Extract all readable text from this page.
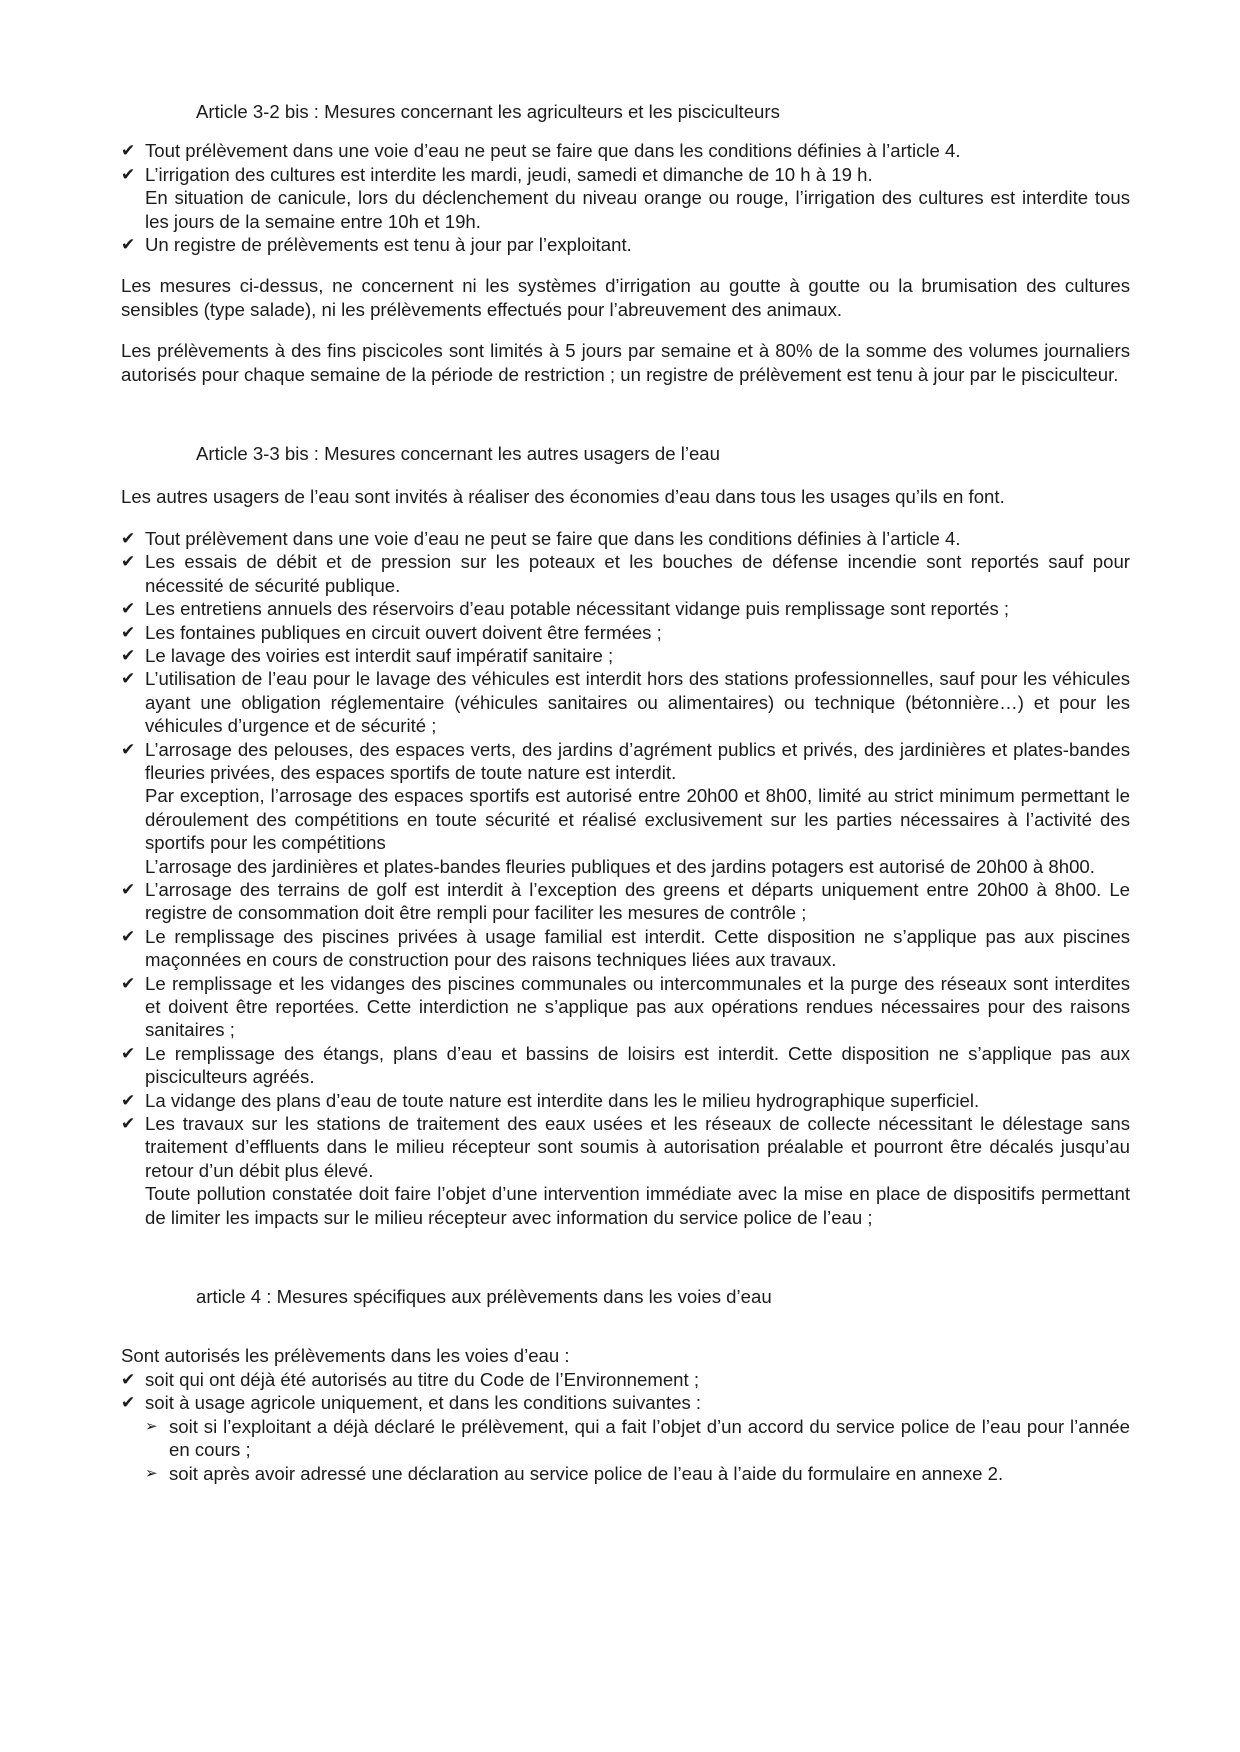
Article 3-2 bis : Mesures concernant les agriculteurs et les pisciculteurs
✔ Tout prélèvement dans une voie d’eau ne peut se faire que dans les conditions définies à l’article 4.
✔ L’irrigation des cultures est interdite les mardi, jeudi, samedi et dimanche de 10 h à 19 h.
En situation de canicule, lors du déclenchement du niveau orange ou rouge, l’irrigation des cultures est interdite tous les jours de la semaine entre 10h et 19h.
✔ Un registre de prélèvements est tenu à jour par l’exploitant.

Les mesures ci-dessus, ne concernent ni les systèmes d’irrigation au goutte à goutte ou la brumisation des cultures sensibles (type salade), ni les prélèvements effectués pour l’abreuvement des animaux.

Les prélèvements à des fins piscicoles sont limités à 5 jours par semaine et à 80% de la somme des volumes journaliers autorisés pour chaque semaine de la période de restriction ; un registre de prélèvement est tenu à jour par le pisciculteur.

Article 3-3 bis : Mesures concernant les autres usagers de l’eau

Les autres usagers de l’eau sont invités à réaliser des économies d’eau dans tous les usages qu’ils en font.

✔ Tout prélèvement dans une voie d’eau ne peut se faire que dans les conditions définies à l’article 4.
✔ Les essais de débit et de pression sur les poteaux et les bouches de défense incendie sont reportés sauf pour nécessité de sécurité publique.
✔ Les entretiens annuels des réservoirs d’eau potable nécessitant vidange puis remplissage sont reportés ;
✔ Les fontaines publiques en circuit ouvert doivent être fermées ;
✔ Le lavage des voiries est interdit sauf impératif sanitaire ;
✔ L’utilisation de l’eau pour le lavage des véhicules est interdit hors des stations professionnelles, sauf pour les véhicules ayant une obligation réglementaire (véhicules sanitaires ou alimentaires) ou technique (bétonnière…) et pour les véhicules d’urgence et de sécurité ;
✔ L’arrosage des pelouses, des espaces verts, des jardins d’agrément publics et privés, des jardinières et plates-bandes fleuries privées, des espaces sportifs de toute nature est interdit.
Par exception, l’arrosage des espaces sportifs est autorisé entre 20h00 et 8h00, limité au strict minimum permettant le déroulement des compétitions en toute sécurité et réalisé exclusivement sur les parties nécessaires à l’activité des sportifs pour les compétitions
L’arrosage des jardinières et plates-bandes fleuries publiques et des jardins potagers est autorisé de 20h00 à 8h00.
✔ L’arrosage des terrains de golf est interdit à l’exception des greens et départs uniquement entre 20h00 à 8h00. Le registre de consommation doit être rempli pour faciliter les mesures de contrôle ;
✔ Le remplissage des piscines privées à usage familial est interdit. Cette disposition ne s’applique pas aux piscines maçonnées en cours de construction pour des raisons techniques liées aux travaux.
✔ Le remplissage et les vidanges des piscines communales ou intercommunales et la purge des réseaux sont interdites et doivent être reportées. Cette interdiction ne s’applique pas aux opérations rendues nécessaires pour des raisons sanitaires ;
✔ Le remplissage des étangs, plans d’eau et bassins de loisirs est interdit. Cette disposition ne s’applique pas aux pisciculteurs agréés.
✔ La vidange des plans d’eau de toute nature est interdite dans les le milieu hydrographique superficiel.
✔ Les travaux sur les stations de traitement des eaux usées et les réseaux de collecte nécessitant le délestage sans traitement d’effluents dans le milieu récepteur sont soumis à autorisation préalable et pourront être décalés jusqu’au retour d’un débit plus élevé.
Toute pollution constatée doit faire l’objet d’une intervention immédiate avec la mise en place de dispositifs permettant de limiter les impacts sur le milieu récepteur avec information du service police de l’eau ;
article 4 : Mesures spécifiques aux prélèvements dans les voies d’eau

Sont autorisés les prélèvements dans les voies d’eau :

✔ soit qui ont déjà été autorisés au titre du Code de l’Environnement ;
✔ soit à usage agricole uniquement, et dans les conditions suivantes :
➢ soit si l’exploitant a déjà déclaré le prélèvement, qui a fait l’objet d’un accord du service police de l’eau pour l’année en cours ;
➢ soit après avoir adressé une déclaration au service police de l’eau à l’aide du formulaire en annexe 2.
